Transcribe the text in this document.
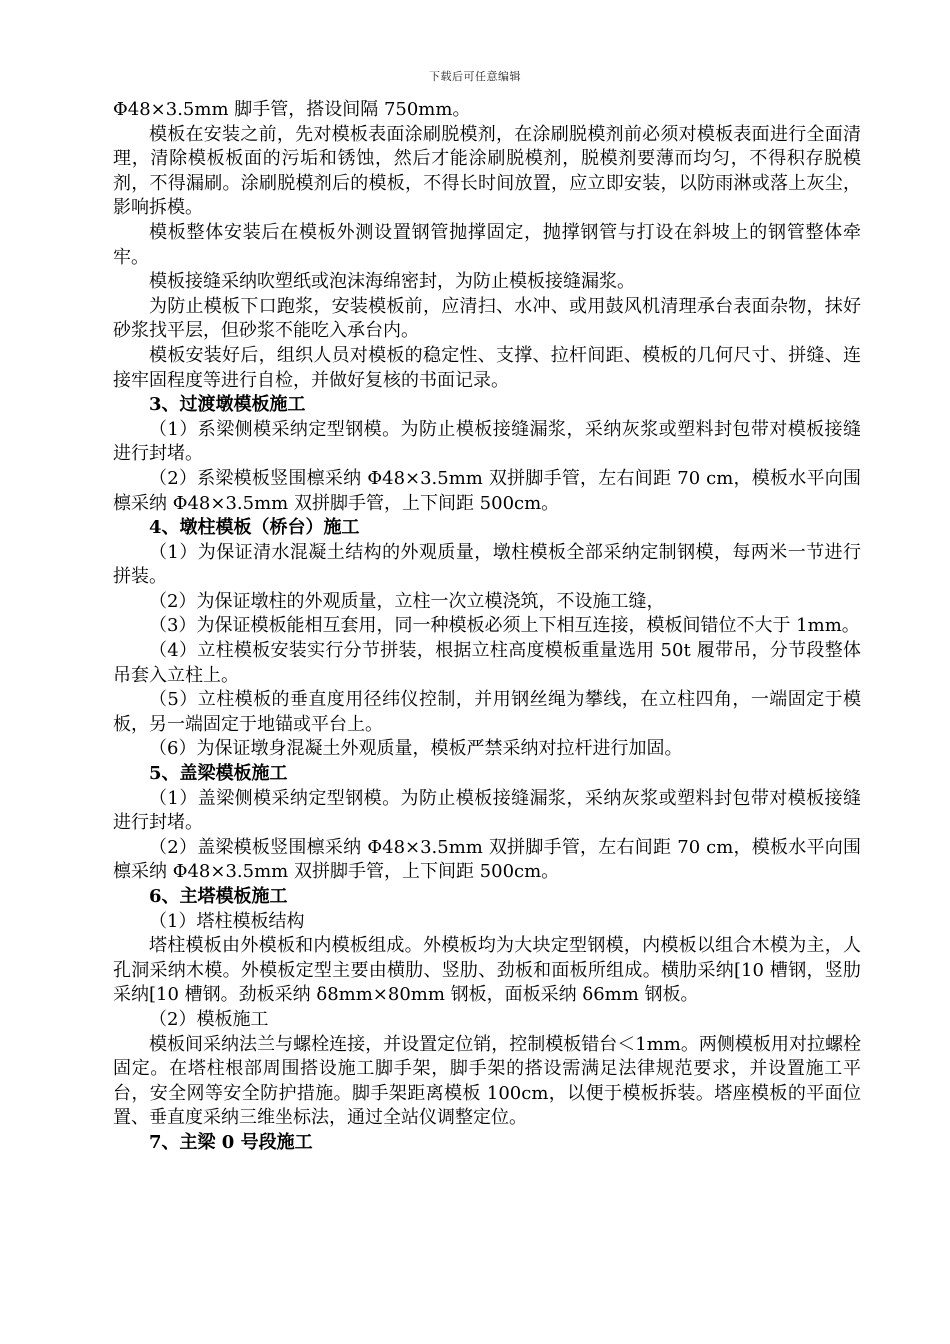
下载后可任意编辑

Φ48×3.5mm 脚手管，搭设间隔 750mm。

模板在安装之前，先对模板表面涂刷脱模剂，在涂刷脱模剂前必须对模板表面进行全面清理，清除模板板面的污垢和锈蚀，然后才能涂刷脱模剂，脱模剂要薄而均匀，不得积存脱模剂，不得漏刷。涂刷脱模剂后的模板，不得长时间放置，应立即安装，以防雨淋或落上灰尘，影响拆模。

模板整体安装后在模板外测设置钢管抛撑固定，抛撑钢管与打设在斜坡上的钢管整体牵牢。

模板接缝采纳吹塑纸或泡沫海绵密封，为防止模板接缝漏浆。

为防止模板下口跑浆，安装模板前，应清扫、水冲、或用鼓风机清理承台表面杂物，抹好砂浆找平层，但砂浆不能吃入承台内。

模板安装好后，组织人员对模板的稳定性、支撑、拉杆间距、模板的几何尺寸、拼缝、连接牢固程度等进行自检，并做好复核的书面记录。

3、过渡墩模板施工

（1）系梁侧模采纳定型钢模。为防止模板接缝漏浆，采纳灰浆或塑料封包带对模板接缝进行封堵。

（2）系梁模板竖围檩采纳 Φ48×3.5mm 双拼脚手管，左右间距 70 cm，模板水平向围檩采纳 Φ48×3.5mm 双拼脚手管，上下间距 500cm。

4、墩柱模板（桥台）施工

（1）为保证清水混凝土结构的外观质量，墩柱模板全部采纳定制钢模，每两米一节进行拼装。

（2）为保证墩柱的外观质量，立柱一次立模浇筑，不设施工缝，

（3）为保证模板能相互套用，同一种模板必须上下相互连接，模板间错位不大于 1mm。

（4）立柱模板安装实行分节拼装，根据立柱高度模板重量选用 50t 履带吊，分节段整体吊套入立柱上。

（5）立柱模板的垂直度用径纬仪控制，并用钢丝绳为攀线，在立柱四角，一端固定于模板，另一端固定于地锚或平台上。

（6）为保证墩身混凝土外观质量，模板严禁采纳对拉杆进行加固。

5、盖梁模板施工

（1）盖梁侧模采纳定型钢模。为防止模板接缝漏浆，采纳灰浆或塑料封包带对模板接缝进行封堵。

（2）盖梁模板竖围檩采纳 Φ48×3.5mm 双拼脚手管，左右间距 70 cm，模板水平向围檩采纳 Φ48×3.5mm 双拼脚手管，上下间距 500cm。

6、主塔模板施工

（1）塔柱模板结构

塔柱模板由外模板和内模板组成。外模板均为大块定型钢模，内模板以组合木模为主，人孔洞采纳木模。外模板定型主要由横肋、竖肋、劲板和面板所组成。横肋采纳[10 槽钢，竖肋采纳[10 槽钢。劲板采纳 δ8mm×80mm 钢板，面板采纳 δ6mm 钢板。

（2）模板施工

模板间采纳法兰与螺栓连接，并设置定位销，控制模板错台＜1mm。两侧模板用对拉螺栓固定。在塔柱根部周围搭设施工脚手架，脚手架的搭设需满足法律规范要求，并设置施工平台，安全网等安全防护措施。脚手架距离模板 100cm，以便于模板拆装。塔座模板的平面位置、垂直度采纳三维坐标法，通过全站仪调整定位。

7、主梁 0 号段施工
